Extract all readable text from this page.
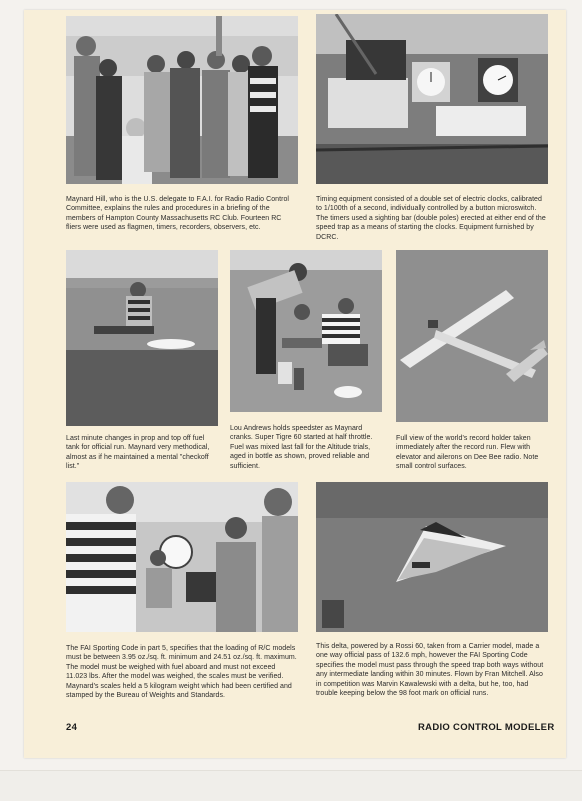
Maynard Hill, who is the U.S. delegate to F.A.I. for Radio Radio Control Committee, explains the rules and procedures in a briefing of the members of Hampton County Massachusetts RC Club. Fourteen RC fliers were used as flagmen, timers, recorders, observers, etc.
Timing equipment consisted of a double set of electric clocks, calibrated to 1/100th of a second, individually controlled by a button microswitch. The timers used a sighting bar (double poles) erected at either end of the speed trap as a means of starting the clocks. Equipment furnished by DCRC.
Last minute changes in prop and top off fuel tank for official run. Maynard very methodical, almost as if he maintained a mental "checkoff list."
Lou Andrews holds speedster as Maynard cranks. Super Tigre 60 started at half throttle. Fuel was mixed last fall for the Altitude trials, aged in bottle as shown, proved reliable and sufficient.
Full view of the world's record holder taken immediately after the record run. Flew with elevator and ailerons on Dee Bee radio. Note small control surfaces.
The FAI Sporting Code in part 5, specifies that the loading of R/C models must be between 3.95 oz./sq. ft. minimum and 24.51 oz./sq. ft. maximum. The model must be weighed with fuel aboard and must not exceed 11.023 lbs. After the model was weighed, the scales must be verified. Maynard's scales held a 5 kilogram weight which had been certified and stamped by the Bureau of Weights and Standards.
This delta, powered by a Rossi 60, taken from a Carrier model, made a one way official pass of 132.6 mph, however the FAI Sporting Code specifies the model must pass through the speed trap both ways without any intermediate landing within 30 minutes. Flown by Fran Mitchell. Also in competition was Marvin Kawalewski with a delta, but he, too, had trouble keeping below the 98 foot mark on official runs.
24	RADIO CONTROL MODELER
